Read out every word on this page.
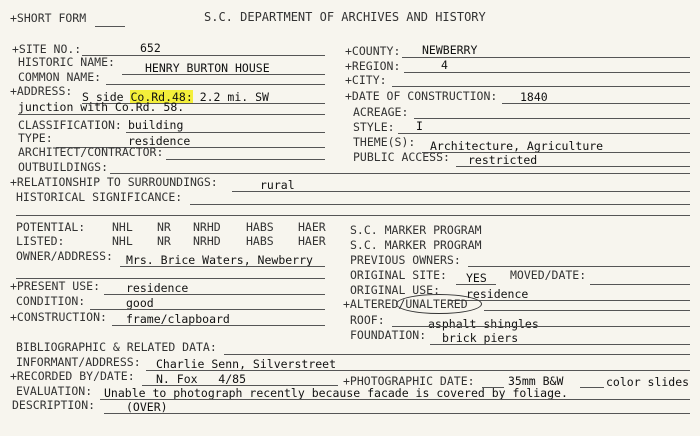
+SHORT FORM	S.C. DEPARTMENT OF ARCHIVES AND HISTORY
+SITE NO.:	652
HISTORIC NAME:	HENRY BURTON HOUSE
COMMON NAME:
+ADDRESS: S side Co.Rd.48: 2.2 mi. SW
junction with Co.Rd. 58.
CLASSIFICATION: building
TYPE:	residence
ARCHITECT/CONTRACTOR:
OUTBUILDINGS:
+RELATIONSHIP TO SURROUNDINGS:	rural
HISTORICAL SIGNIFICANCE:
+COUNTY: NEWBERRY
+REGION:	4
+CITY:
+DATE OF CONSTRUCTION: 1840
ACREAGE:
STYLE: I
THEME(S): Architecture, Agriculture
PUBLIC ACCESS: restricted
POTENTIAL: NHL NR NRHD HABS HAER S.C. MARKER PROGRAM
LISTED:	NHL NR NRHD HABS HAER S.C. MARKER PROGRAM
OWNER/ADDRESS: Mrs. Brice Waters, Newberry	PREVIOUS OWNERS:
ORIGINAL SITE: YES MOVED/DATE:
+PRESENT USE: residence	ORIGINAL USE: residence
CONDITION:	good	+ALTERED/UNALTERED
+CONSTRUCTION: frame/clapboard	ROOF:	asphalt shingles
FOUNDATION: brick piers
BIBLIOGRAPHIC & RELATED DATA:
INFORMANT/ADDRESS: Charlie Senn, Silverstreet
+RECORDED BY/DATE: N. Fox   4/85	+PHOTOGRAPHIC DATE:	35mm B&W	color slides
EVALUATION: Unable to photograph recently because facade is covered by foliage.
DESCRIPTION:	(OVER)
